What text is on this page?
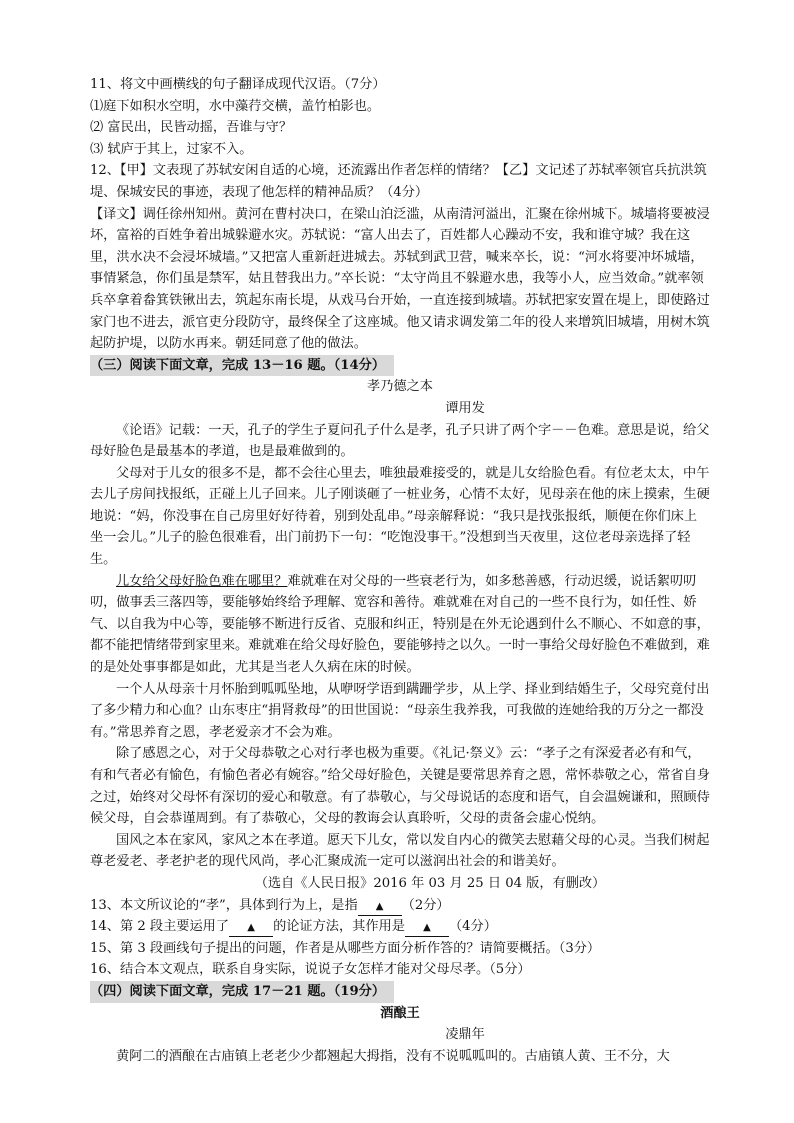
11、将文中画横线的句子翻译成现代汉语。（7分）

⑴庭下如积水空明，水中藻荇交横，盖竹柏影也。

⑵ 富民出，民皆动摇，吾谁与守？

⑶ 轼庐于其上，过家不入。

12、【甲】文表现了苏轼安闲自适的心境，还流露出作者怎样的情绪？【乙】文记述了苏轼率领官兵抗洪筑堤、保城安民的事迹，表现了他怎样的精神品质？（4分）

【译文】调任徐州知州。黄河在曹村决口，在梁山泊泛滥，从南清河溢出，汇聚在徐州城下。城墙将要被浸坏，富裕的百姓争着出城躲避水灾。苏轼说：“富人出去了，百姓都人心躁动不安，我和谁守城？我在这里，洪水决不会浸坏城墙。”又把富人重新赶进城去。苏轼到武卫营，喊来卒长，说：“河水将要冲坏城墙，事情紧急，你们虽是禁军，姑且替我出力。”卒长说：“太守尚且不躲避水患，我等小人，应当效命。”就率领兵卒拿着畚箕铁锹出去，筑起东南长堤，从戏马台开始，一直连接到城墙。苏轼把家安置在堤上，即使路过家门也不进去，派官吏分段防守，最终保全了这座城。他又请求调发第二年的役人来增筑旧城墙，用树木筑起防护堤，以防水再来。朝廷同意了他的做法。

（三）阅读下面文章，完成 13－16 题。（14分）

孝乃德之本

谭用发

《论语》记载：一天，孔子的学生子夏问孔子什么是孝，孔子只讲了两个字－－色难。意思是说，给父母好脸色是最基本的孝道，也是最难做到的。

父母对于儿女的很多不是，都不会往心里去，唯独最难接受的，就是儿女给脸色看。有位老太太，中午去儿子房间找报纸，正碰上儿子回来。儿子刚谈砸了一桩业务，心情不太好，见母亲在他的床上摸索，生硬地说：“妈，你没事在自己房里好好待着，别到处乱串。”母亲解释说：“我只是找张报纸，顺便在你们床上坐一会儿。”儿子的脸色很难看，出门前扔下一句：“吃饱没事干。”没想到当天夜里，这位老母亲选择了轻生。

儿女给父母好脸色难在哪里？难就难在对父母的一些衰老行为，如多愁善感，行动迟缓，说话絮叨叨叨，做事丢三落四等，要能够始终给予理解、宽容和善待。难就难在对自己的一些不良行为，如任性、娇气、以自我为中心等，要能够不断进行反省、克服和纠正，特别是在外无论遇到什么不顺心、不如意的事，都不能把情绪带到家里来。难就难在给父母好脸色，要能够持之以久。一时一事给父母好脸色不难做到，难的是处处事事都是如此，尤其是当老人久病在床的时候。

一个人从母亲十月怀胎到呱呱坠地，从咿呀学语到蹒跚学步，从上学、择业到结婚生子，父母究竟付出了多少精力和心血？山东枣庄“捐肾救母”的田世国说：“母亲生我养我，可我做的连她给我的万分之一都没有。”常思养育之恩，孝老爱亲才不会为难。

除了感恩之心，对于父母恭敬之心对行孝也极为重要。《礼记·祭义》云：“孝子之有深爱者必有和气，有和气者必有愉色，有愉色者必有婉容。”给父母好脸色，关键是要常思养育之恩，常怀恭敬之心，常省自身之过，始终对父母怀有深切的爱心和敬意。有了恭敬心，与父母说话的态度和语气，自会温婉谦和，照顾侍候父母，自会恭谨周到。有了恭敬心，父母的教诲会认真聆听，父母的责备会虚心悦纳。

国风之本在家风，家风之本在孝道。愿天下儿女，常以发自内心的微笑去慰藉父母的心灵。当我们树起尊老爱老、孝老护老的现代风尚，孝心汇聚成流一定可以滋润出社会的和谐美好。

（选自《人民日报》2016 年 03 月 25 日 04 版，有删改）

13、本文所议论的“孝”，具体到行为上，是指 ▲ （2分）

14、第 2 段主要运用了 ▲ 的论证方法，其作用是 ▲ （4分）

15、第 3 段画线句子提出的问题，作者是从哪些方面分析作答的？请简要概括。（3分）

16、结合本文观点，联系自身实际，说说子女怎样才能对父母尽孝。（5分）

（四）阅读下面文章，完成 17－21 题。（19分）

酒酿王

凌鼎年

黄阿二的酒酿在古庙镇上老老少少都翘起大拇指，没有不说呱呱叫的。古庙镇人黄、王不分，大
